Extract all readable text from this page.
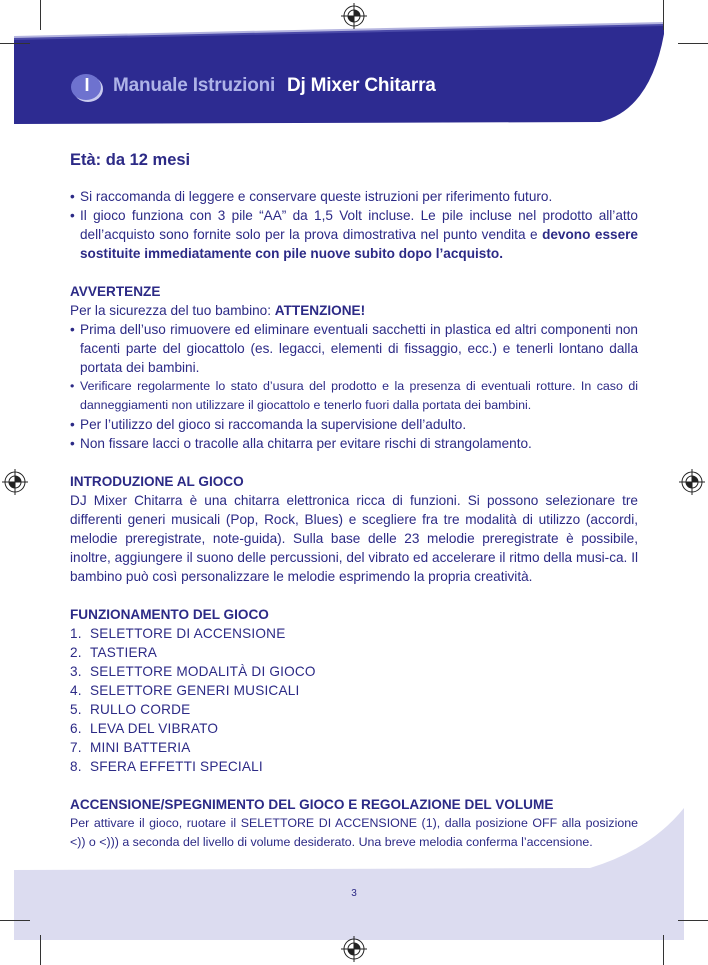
I	Manuale Istruzioni Dj Mixer Chitarra
3
Età: da 12 mesi

• Si raccomanda di leggere e conservare queste istruzioni per riferimento futuro.

• Il gioco funziona con 3 pile “AA” da 1,5 Volt incluse. Le pile incluse nel prodotto all’atto dell’acquisto sono fornite solo per la prova dimostrativa nel punto vendita e devono essere sostituite immediatamente con pile nuove subito dopo l’acquisto.

AVVERTENZE

Per la sicurezza del tuo bambino: ATTENZIONE!

• Prima dell’uso rimuovere ed eliminare eventuali sacchetti in plastica ed altri componenti non facenti parte del giocattolo (es. legacci, elementi di fissaggio, ecc.) e tenerli lontano dalla portata dei bambini.

• Verificare regolarmente lo stato d’usura del prodotto e la presenza di eventuali rotture. In caso di danneggiamenti non utilizzare il giocattolo e tenerlo fuori dalla portata dei bambini.

• Per l’utilizzo del gioco si raccomanda la supervisione dell’adulto.

• Non fissare lacci o tracolle alla chitarra per evitare rischi di strangolamento.

INTRODUZIONE AL GIOCO

DJ Mixer Chitarra è una chitarra elettronica ricca di funzioni. Si possono selezionare tre differenti generi musicali (Pop, Rock, Blues) e scegliere fra tre modalità di utilizzo (accordi, melodie preregistrate, note-guida). Sulla base delle 23 melodie preregistrate è possibile, inoltre, aggiungere il suono delle percussioni, del vibrato ed accelerare il ritmo della musi-ca. Il bambino può così personalizzare le melodie esprimendo la propria creatività.

FUNZIONAMENTO DEL GIOCO
1. SELETTORE DI ACCENSIONE
2. TASTIERA
3. SELETTORE MODALITÀ DI GIOCO
4. SELETTORE GENERI MUSICALI
5. RULLO CORDE
6. LEVA DEL VIBRATO
7. MINI BATTERIA
8. SFERA EFFETTI SPECIALI
ACCENSIONE/SPEGNIMENTO DEL GIOCO E REGOLAZIONE DEL VOLUME

Per attivare il gioco, ruotare il SELETTORE DI ACCENSIONE (1), dalla posizione OFF alla posizione <)) o <))) a seconda del livello di volume desiderato. Una breve melodia conferma l’accensione.
